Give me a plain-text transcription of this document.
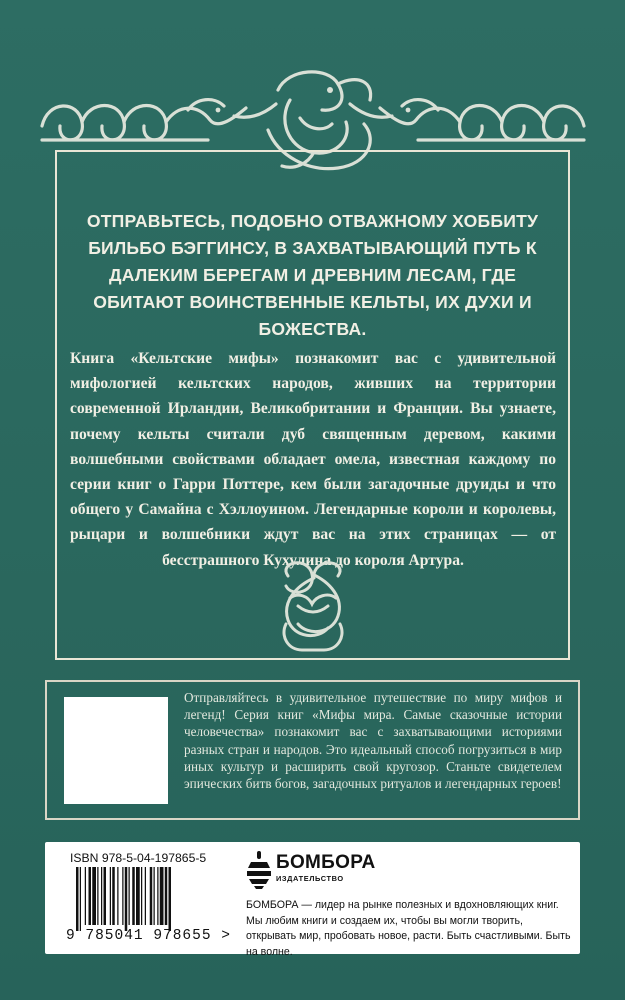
ОТПРАВЬТЕСЬ, ПОДОБНО ОТВАЖНОМУ ХОББИТУ БИЛЬБО БЭГГИНСУ, В ЗАХВАТЫВАЮЩИЙ ПУТЬ К ДАЛЕКИМ БЕРЕГАМ И ДРЕВНИМ ЛЕСАМ, ГДЕ ОБИТАЮТ ВОИНСТВЕННЫЕ КЕЛЬТЫ, ИХ ДУХИ И БОЖЕСТВА.

Книга «Кельтские мифы» познакомит вас с удивительной мифологией кельтских народов, живших на территории современной Ирландии, Великобритании и Франции. Вы узнаете, почему кельты считали дуб священным деревом, какими волшебными свойствами обладает омела, известная каждому по серии книг о Гарри Поттере, кем были загадочные друиды и что общего у Самайна с Хэллоуином. Легендарные короли и королевы, рыцари и волшебники ждут вас на этих страницах — от бесстрашного Кухулина до короля Артура.

Отправляйтесь в удивительное путешествие по миру мифов и легенд! Серия книг «Мифы мира. Самые сказочные истории человечества» познакомит вас с захватывающими историями разных стран и народов. Это идеальный способ погрузиться в мир иных культур и расширить свой кругозор. Станьте свидетелем эпических битв богов, загадочных ритуалов и легендарных героев!

ISBN 978-5-04-197865-5
9 785041 978655 >
БОМБОРА
ИЗДАТЕЛЬСТВО

БОМБОРА — лидер на рынке полезных и вдохновляющих книг. Мы любим книги и создаем их, чтобы вы могли творить, открывать мир, пробовать новое, расти. Быть счастливыми. Быть на волне.
